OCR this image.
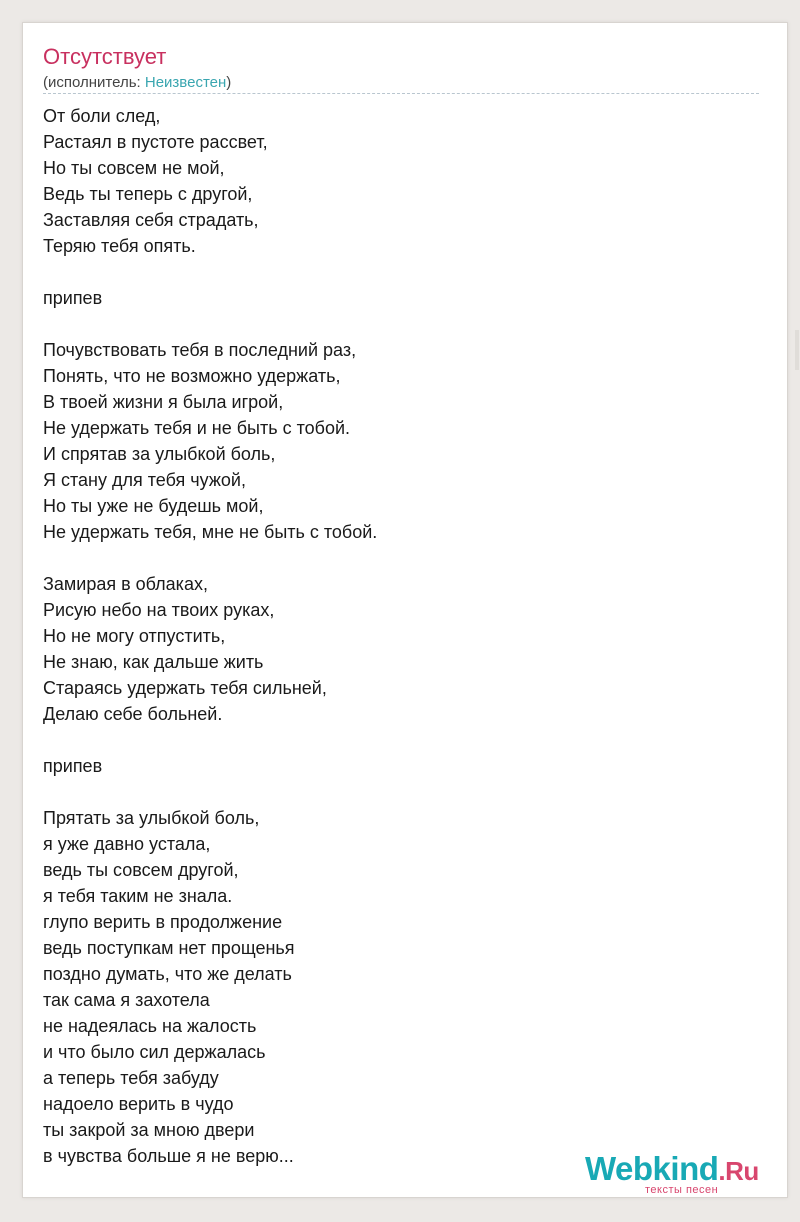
Отсутствует
(исполнитель: Неизвестен)
От боли след,
Растаял в пустоте рассвет,
Но ты совсем не мой,
Ведь ты теперь с другой,
Заставляя себя страдать,
Теряю тебя опять.
припев
Почувствовать тебя в последний раз,
Понять, что не возможно удержать,
В твоей жизни я была игрой,
Не удержать тебя и не быть с тобой.
И спрятав за улыбкой боль,
Я стану для тебя чужой,
Но ты уже не будешь мой,
Не удержать тебя, мне не быть с тобой.
Замирая в облаках,
Рисую небо на твоих руках,
Но не могу отпустить,
Не знаю, как дальше жить
Стараясь удержать тебя сильней,
Делаю себе больней.
припев
Прятать за улыбкой боль,
я уже давно устала,
ведь ты совсем другой,
я тебя таким не знала.
глупо верить в продолжение
ведь поступкам нет прощенья
поздно думать, что же делать
так сама я захотела
не надеялась на жалость
и что было сил держалась
а теперь тебя забуду
надоело верить в чудо
ты закрой за мною двери
в чувства больше я не верю...	Webkind.Ru
тексты песен
